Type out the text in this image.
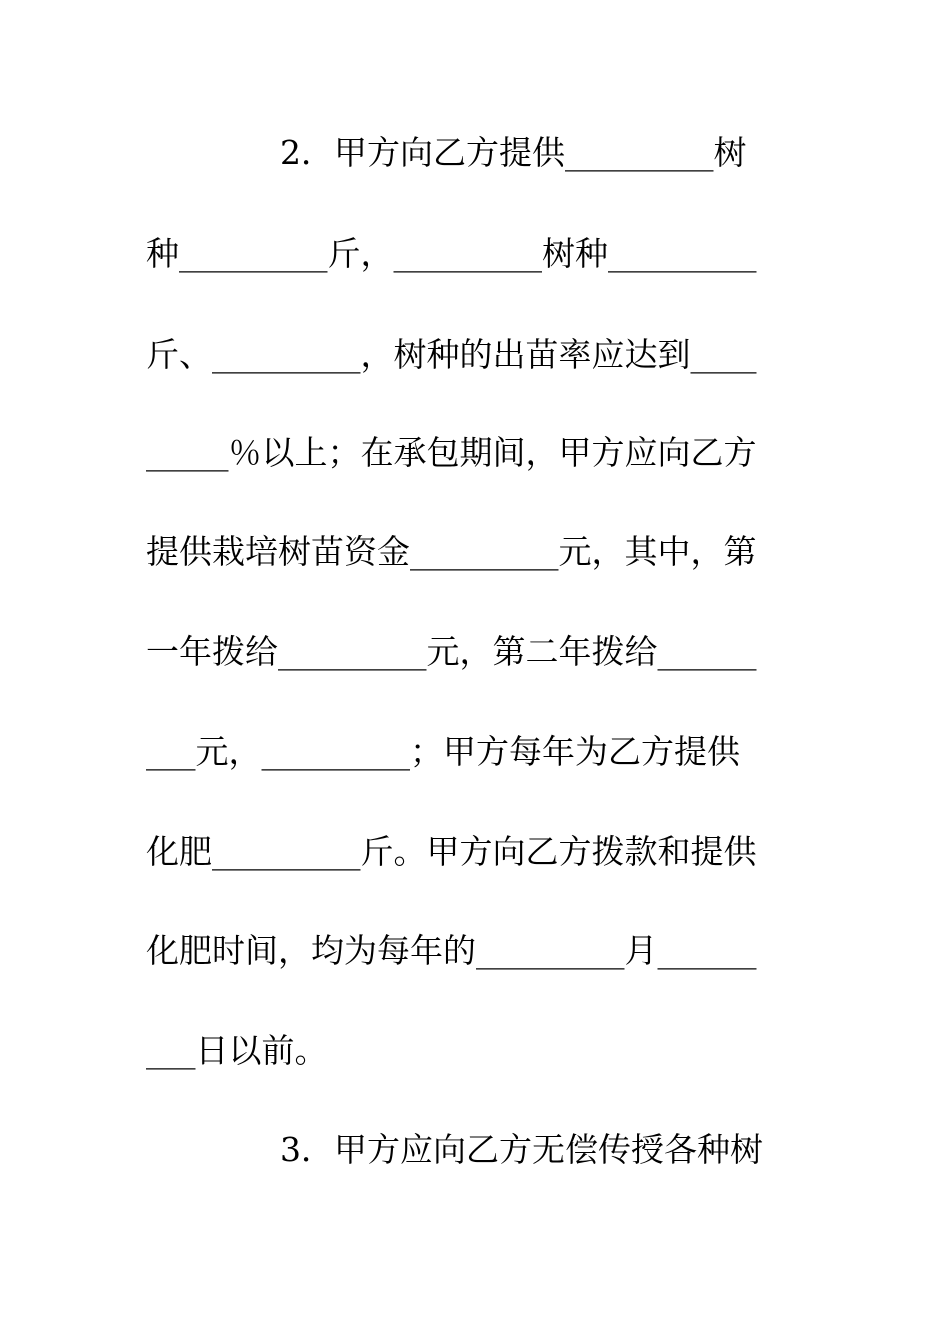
2．甲方向乙方提供_________树
种_________斤，_________树种_________
斤、_________，树种的出苗率应达到____
_____％以上；在承包期间，甲方应向乙方
提供栽培树苗资金_________元，其中，第
一年拨给_________元，第二年拨给______
___元，_________；甲方每年为乙方提供
化肥_________斤。甲方向乙方拨款和提供
化肥时间，均为每年的_________月______
___日以前。
3．甲方应向乙方无偿传授各种树
